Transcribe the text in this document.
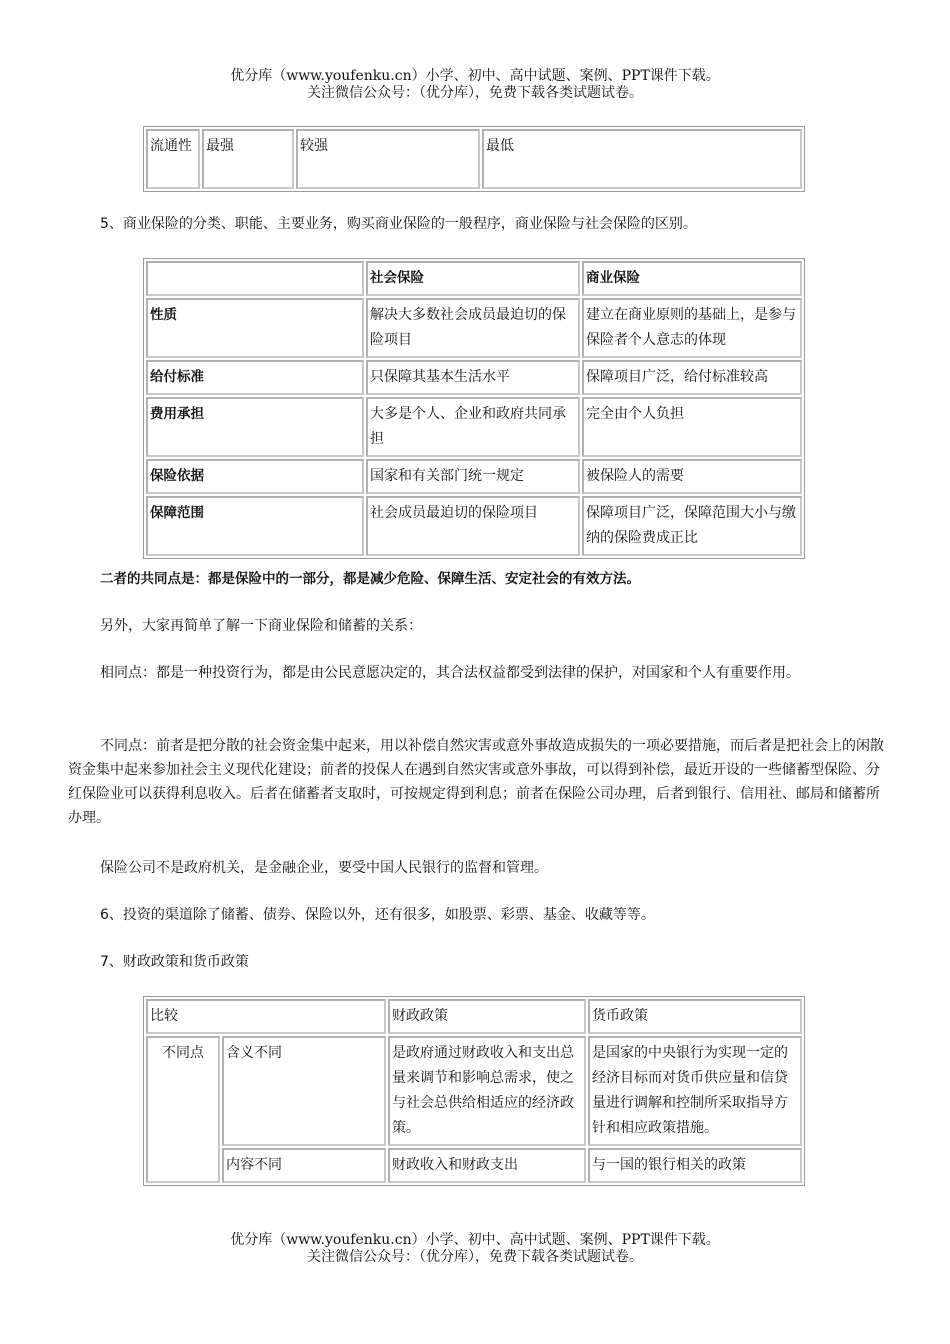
优分库（www.youfenku.cn）小学、初中、高中试题、案例、PPT课件下载。
关注微信公众号：（优分库），免费下载各类试题试卷。
流通性	最强	较强	最低

5、商业保险的分类、职能、主要业务，购买商业保险的一般程序，商业保险与社会保险的区别。

	社会保险	商业保险
性质	解决大多数社会成员最迫切的保险项目	建立在商业原则的基础上，是参与保险者个人意志的体现
给付标准	只保障其基本生活水平	保障项目广泛，给付标准较高
费用承担	大多是个人、企业和政府共同承担	完全由个人负担
保险依据	国家和有关部门统一规定	被保险人的需要
保障范围	社会成员最迫切的保险项目	保障项目广泛，保障范围大小与缴纳的保险费成正比

二者的共同点是：都是保险中的一部分，都是减少危险、保障生活、安定社会的有效方法。

另外，大家再简单了解一下商业保险和储蓄的关系：

相同点：都是一种投资行为，都是由公民意愿决定的，其合法权益都受到法律的保护，对国家和个人有重要作用。

不同点：前者是把分散的社会资金集中起来，用以补偿自然灾害或意外事故造成损失的一项必要措施，而后者是把社会上的闲散资金集中起来参加社会主义现代化建设；前者的投保人在遇到自然灾害或意外事故，可以得到补偿，最近开设的一些储蓄型保险、分红保险业可以获得利息收入。后者在储蓄者支取时，可按规定得到利息；前者在保险公司办理，后者到银行、信用社、邮局和储蓄所办理。

保险公司不是政府机关，是金融企业，要受中国人民银行的监督和管理。

6、投资的渠道除了储蓄、债券、保险以外，还有很多，如股票、彩票、基金、收藏等等。

7、财政政策和货币政策

比较		财政政策	货币政策
不同点	含义不同	是政府通过财政收入和支出总量来调节和影响总需求，使之与社会总供给相适应的经济政策。	是国家的中央银行为实现一定的经济目标而对货币供应量和信贷量进行调解和控制所采取指导方针和相应政策措施。
	内容不同	财政收入和财政支出	与一国的银行相关的政策
优分库（www.youfenku.cn）小学、初中、高中试题、案例、PPT课件下载。
关注微信公众号：（优分库），免费下载各类试题试卷。
